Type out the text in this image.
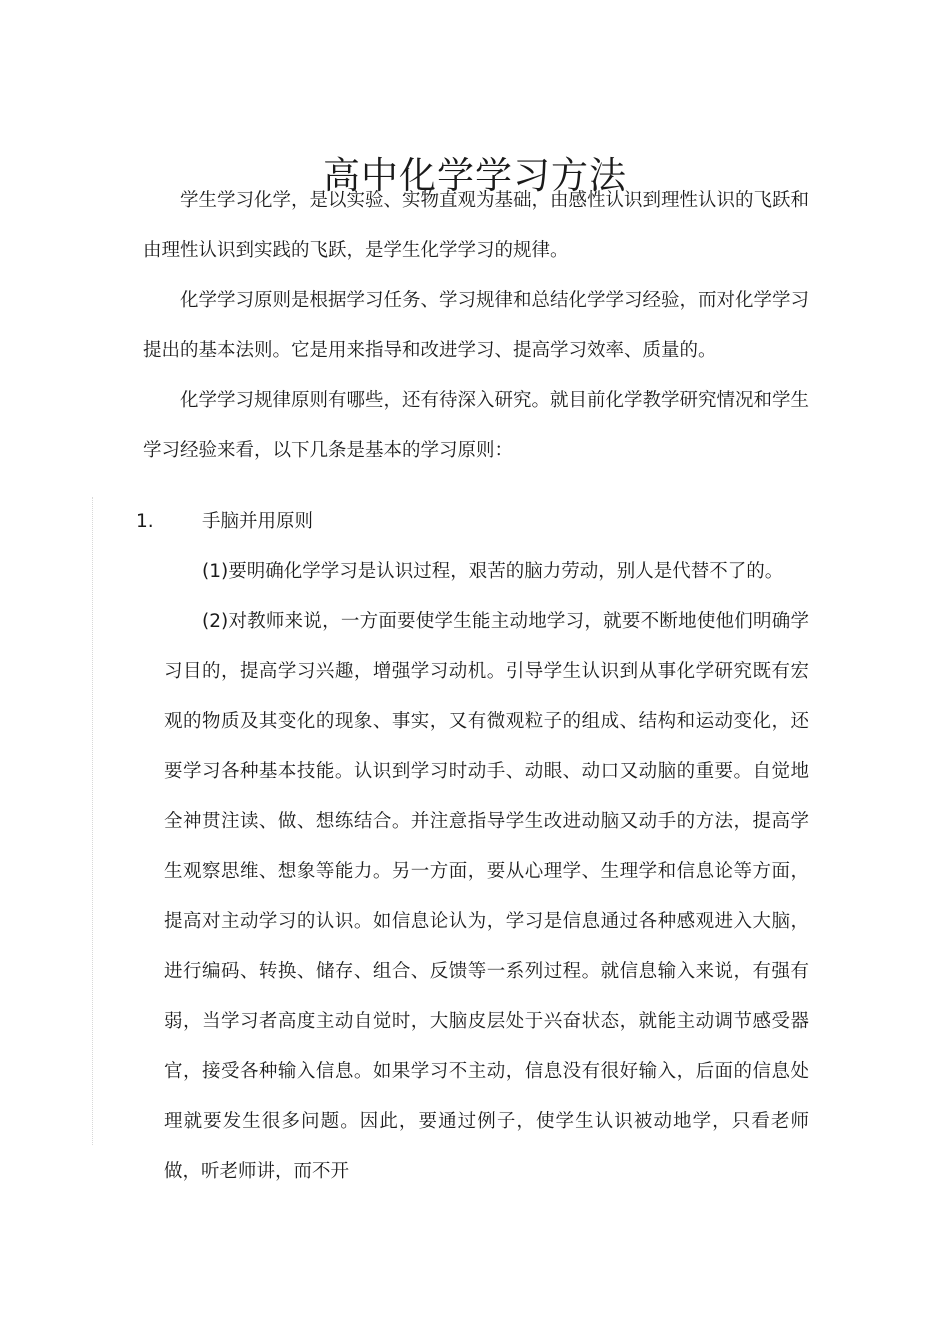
高中化学学习方法

学生学习化学，是以实验、实物直观为基础，由感性认识到理性认识的飞跃和由理性认识到实践的飞跃，是学生化学学习的规律。

化学学习原则是根据学习任务、学习规律和总结化学学习经验，而对化学学习提出的基本法则。它是用来指导和改进学习、提高学习效率、质量的。

化学学习规律原则有哪些，还有待深入研究。就目前化学教学研究情况和学生学习经验来看，以下几条是基本的学习原则：

1.	手脑并用原则

(1)要明确化学学习是认识过程，艰苦的脑力劳动，别人是代替不了的。

(2)对教师来说，一方面要使学生能主动地学习，就要不断地使他们明确学习目的，提高学习兴趣，增强学习动机。引导学生认识到从事化学研究既有宏观的物质及其变化的现象、事实，又有微观粒子的组成、结构和运动变化，还要学习各种基本技能。认识到学习时动手、动眼、动口又动脑的重要。自觉地全神贯注读、做、想练结合。并注意指导学生改进动脑又动手的方法，提高学生观察思维、想象等能力。另一方面，要从心理学、生理学和信息论等方面，提高对主动学习的认识。如信息论认为，学习是信息通过各种感观进入大脑，进行编码、转换、储存、组合、反馈等一系列过程。就信息输入来说，有强有弱，当学习者高度主动自觉时，大脑皮层处于兴奋状态，就能主动调节感受器官，接受各种输入信息。如果学习不主动，信息没有很好输入，后面的信息处理就要发生很多问题。因此，要通过例子，使学生认识被动地学，只看老师做，听老师讲，而不开
